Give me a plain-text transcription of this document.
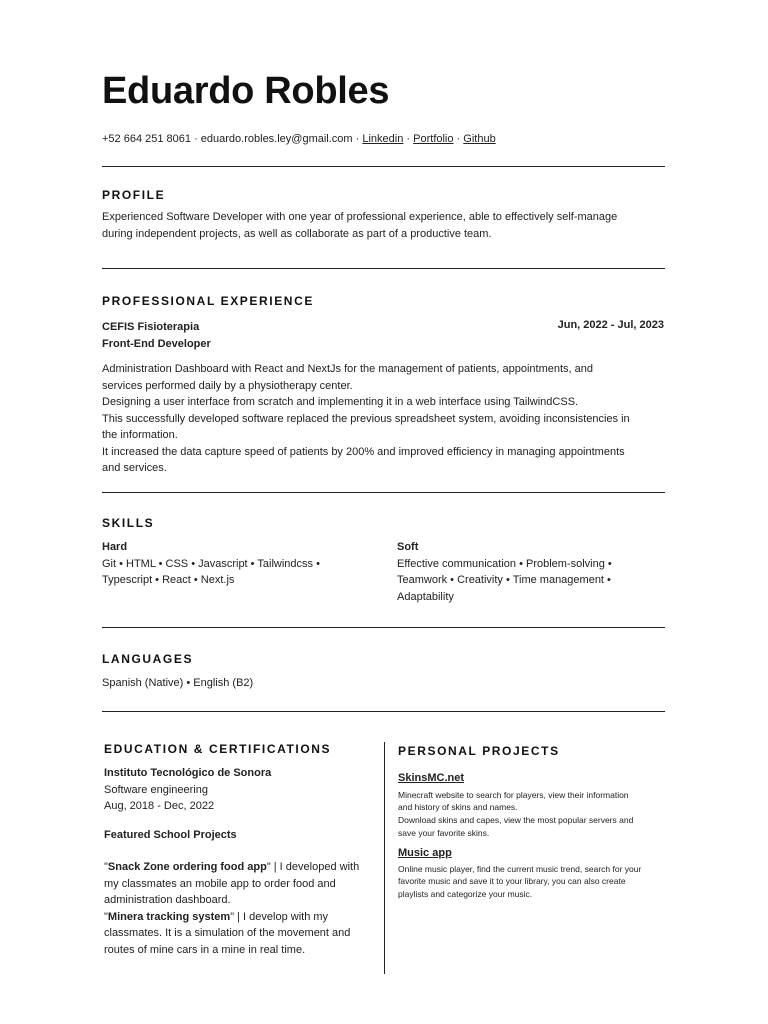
Eduardo Robles
+52 664 251 8061 · eduardo.robles.ley@gmail.com · Linkedin · Portfolio · Github
PROFILE
Experienced Software Developer with one year of professional experience, able to effectively self-manage
during independent projects, as well as collaborate as part of a productive team.
PROFESSIONAL EXPERIENCE
CEFIS Fisioterapia
Front-End Developer
Jun, 2022 - Jul, 2023
Administration Dashboard with React and NextJs for the management of patients, appointments, and
services performed daily by a physiotherapy center.
Designing a user interface from scratch and implementing it in a web interface using TailwindCSS.
This successfully developed software replaced the previous spreadsheet system, avoiding inconsistencies in
the information.
It increased the data capture speed of patients by 200% and improved efficiency in managing appointments
and services.
SKILLS
Hard
Git • HTML • CSS • Javascript • Tailwindcss •
Typescript • React • Next.js
Soft
Effective communication • Problem-solving •
Teamwork • Creativity • Time management •
Adaptability
LANGUAGES
Spanish (Native) • English (B2)
EDUCATION & CERTIFICATIONS
Instituto Tecnológico de Sonora
Software engineering
Aug, 2018 - Dec, 2022
Featured School Projects
"Snack Zone ordering food app" | I developed with
my classmates an mobile app to order food and
administration dashboard.
"Minera tracking system" | I develop with my
classmates. It is a simulation of the movement and
routes of mine cars in a mine in real time.
PERSONAL PROJECTS
SkinsMC.net
Minecraft website to search for players, view their information
and history of skins and names.
Download skins and capes, view the most popular servers and
save your favorite skins.
Music app
Online music player, find the current music trend, search for your
favorite music and save it to your library, you can also create
playlists and categorize your music.
